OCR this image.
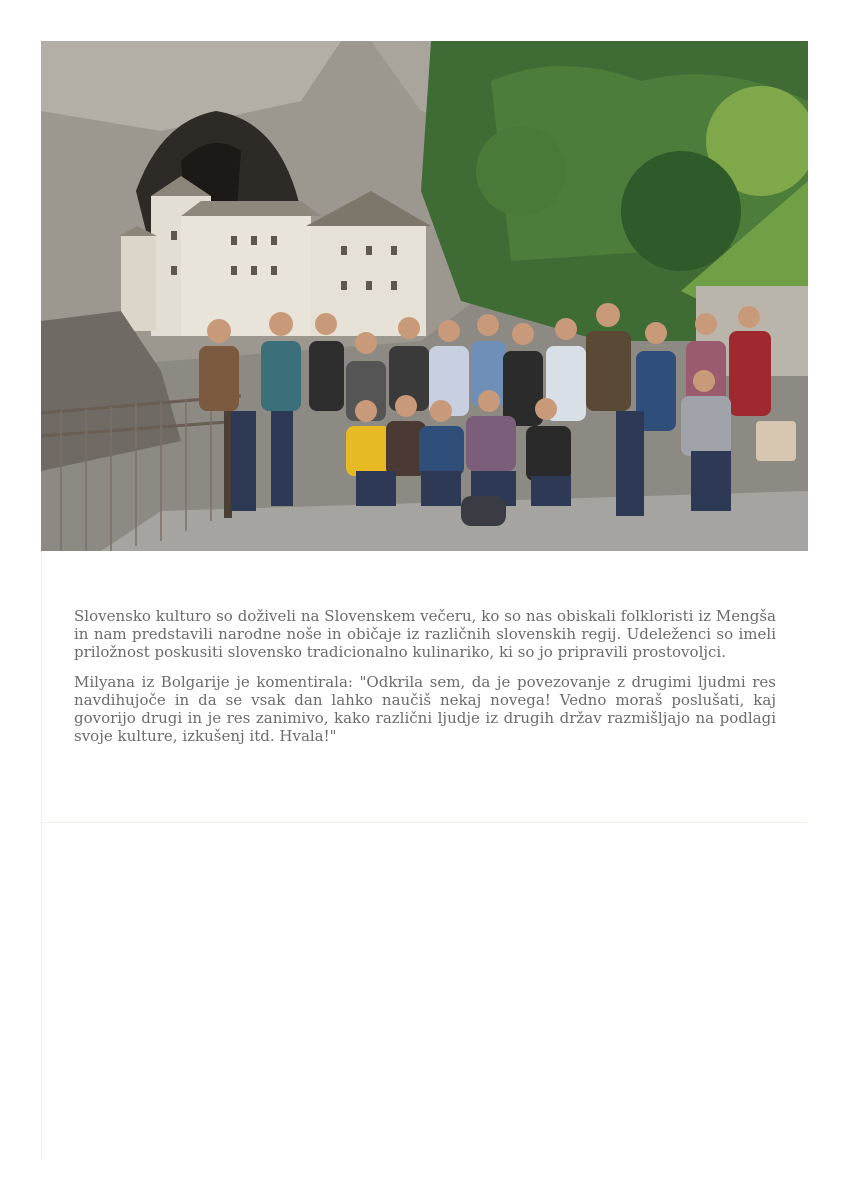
Slovensko kulturo so doživeli na Slovenskem večeru, ko so nas obiskali folkloristi iz Mengša in nam predstavili narodne noše in običaje iz različnih slovenskih regij. Udeleženci so imeli priložnost poskusiti slovensko tradicionalno kulinariko, ki so jo pripravili prostovoljci.

Milyana iz Bolgarije je komentirala: "Odkrila sem, da je povezovanje z drugimi ljudmi res navdihujoče in da se vsak dan lahko naučiš nekaj novega! Vedno moraš poslušati, kaj govorijo drugi in je res zanimivo, kako različni ljudje iz drugih držav razmišljajo na podlagi svoje kulture, izkušenj itd. Hvala!"
